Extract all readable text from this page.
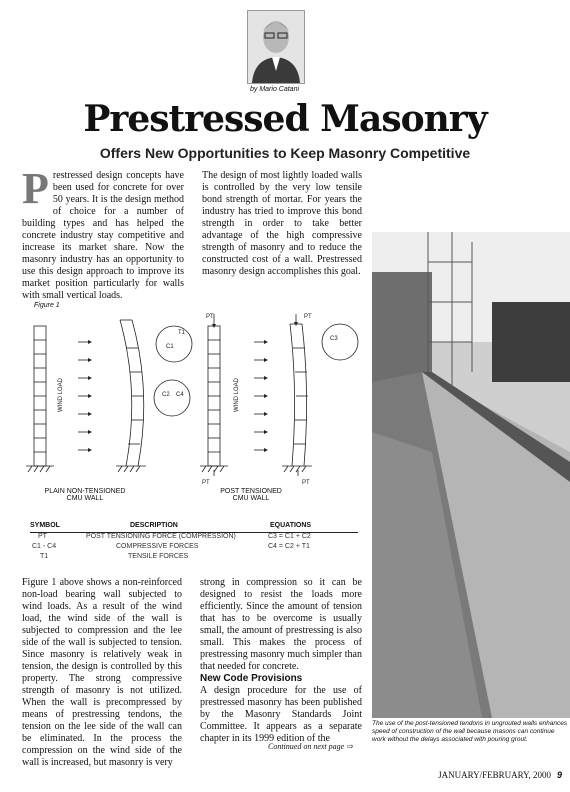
by Mario Catani
Prestressed Masonry
Offers New Opportunities to Keep Masonry Competitive
Prestressed design concepts have been used for concrete for over 50 years. It is the design method of choice for a number of building types and has helped the concrete industry stay competitive and increase its market share. Now the masonry industry has an opportunity to use this design approach to improve its market position particularly for walls with small vertical loads.
The design of most lightly loaded walls is controlled by the very low tensile bond strength of mortar. For years the industry has tried to improve this bond strength in order to take better advantage of the high compressive strength of masonry and to reduce the constructed cost of a wall. Prestressed masonry design accomplishes this goal.
Figure 1
WIND LOAD	WIND LOAD
PT	PT
PT	PT
T1
C1
C2 C4
C3
PLAIN NON-TENSIONED
CMU WALL
POST TENSIONED
CMU WALL
SYMBOL	DESCRIPTION	EQUATIONS
PT	POST TENSIONING FORCE (COMPRESSION)	C3 = C1 + C2
C1 - C4	COMPRESSIVE FORCES	C4 = C2 + T1
T1	TENSILE FORCES
Figure 1 above shows a non-reinforced non-load bearing wall subjected to wind loads. As a result of the wind load, the wind side of the wall is subjected to compression and the lee side of the wall is subjected to tension. Since masonry is relatively weak in tension, the design is controlled by this property. The strong compressive strength of masonry is not utilized. When the wall is precompressed by means of prestressing tendons, the tension on the lee side of the wall can be eliminated. In the process the compression on the wind side of the wall is increased, but masonry is very
strong in compression so it can be designed to resist the loads more efficiently. Since the amount of tension that has to be overcome is usually small, the amount of prestressing is also small. This makes the process of prestressing masonry much simpler than that needed for concrete.
New Code Provisions
A design procedure for the use of prestressed masonry has been published by the Masonry Standards Joint Committee. It appears as a separate chapter in its 1999 edition of the
Continued on next page ⇨
The use of the post-tensioned tendons in ungrouted walls enhances speed of construction of the wall because masons can continue work without the delays associated with pouring grout.
JANUARY/FEBRUARY, 2000 9
